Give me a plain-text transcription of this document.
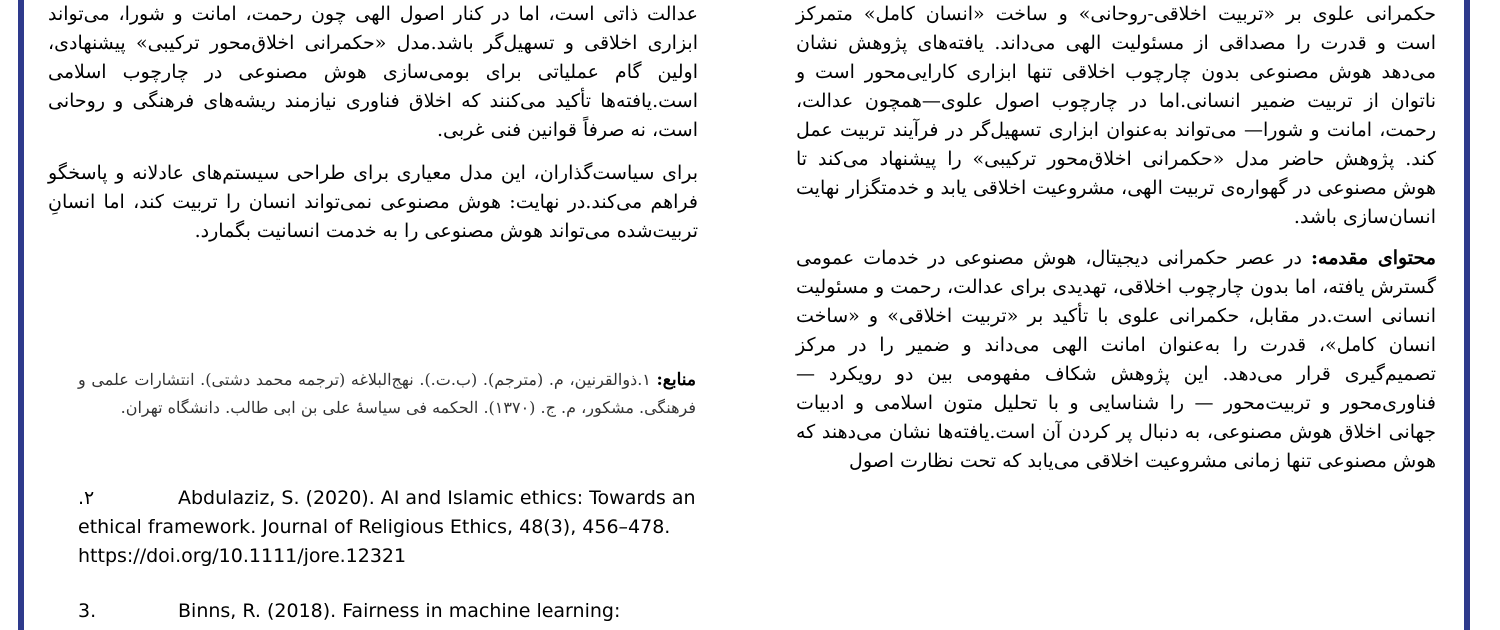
حکمرانی علوی بر «تربیت اخلاقی-روحانی» و ساخت «انسان کامل» متمرکز است و قدرت را مصداقی از مسئولیت الهی می‌داند. یافته‌های پژوهش نشان می‌دهد هوش مصنوعی بدون چارچوب اخلاقی تنها ابزاری کارایی‌محور است و ناتوان از تربیت ضمیر انسانی.اما در چارچوب اصول علوی—همچون عدالت، رحمت، امانت و شورا— می‌تواند به‌عنوان ابزاری تسهیل‌گر در فرآیند تربیت عمل کند. پژوهش حاضر مدل «حکمرانی اخلاق‌محور ترکیبی» را پیشنهاد می‌کند تا هوش مصنوعی در گهواره‌ی تربیت الهی، مشروعیت اخلاقی یابد و خدمتگزار نهایت انسان‌سازی باشد.

محتوای مقدمه: در عصر حکمرانی دیجیتال، هوش مصنوعی در خدمات عمومی گسترش یافته، اما بدون چارچوب اخلاقی، تهدیدی برای عدالت، رحمت و مسئولیت انسانی است.در مقابل، حکمرانی علوی با تأکید بر «تربیت اخلاقی» و «ساخت انسان کامل»، قدرت را به‌عنوان امانت الهی می‌داند و ضمیر را در مرکز تصمیم‌گیری قرار می‌دهد. این پژوهش شکاف مفهومی بین دو رویکرد — فناوری‌محور و تربیت‌محور — را شناسایی و با تحلیل متون اسلامی و ادبیات جهانی اخلاق هوش مصنوعی، به دنبال پر کردن آن است.یافته‌ها نشان می‌دهند که هوش مصنوعی تنها زمانی مشروعیت اخلاقی می‌یابد که تحت نظارت اصول

عدالت ذاتی است، اما در کنار اصول الهی چون رحمت، امانت و شورا، می‌تواند ابزاری اخلاقی و تسهیل‌گر باشد.مدل «حکمرانی اخلاق‌محور ترکیبی» پیشنهادی، اولین گام عملیاتی برای بومی‌سازی هوش مصنوعی در چارچوب اسلامی است.یافته‌ها تأکید می‌کنند که اخلاق فناوری نیازمند ریشه‌های فرهنگی و روحانی است، نه صرفاً قوانین فنی غربی.

برای سیاست‌گذاران، این مدل معیاری برای طراحی سیستم‌های عادلانه و پاسخگو فراهم می‌کند.در نهایت: هوش مصنوعی نمی‌تواند انسان را تربیت کند، اما انسانِ تربیت‌شده می‌تواند هوش مصنوعی را به خدمت انسانیت بگمارد.

منابع: ۱.ذوالقرنین، م. (مترجم). (ب.ت.). نهج‌البلاغه (ترجمه محمد دشتی). انتشارات علمی و فرهنگی. مشکور، م. ج. (۱۳۷۰). الحکمه فی سیاسهٔ علی بن ابی طالب. دانشگاه تهران.

.۲	Abdulaziz, S. (2020). AI and Islamic ethics: Towards an ethical framework. Journal of Religious Ethics, 48(3), 456–478. https://doi.org/10.1111/jore.12321

3.	Binns, R. (2018). Fairness in machine learning:
